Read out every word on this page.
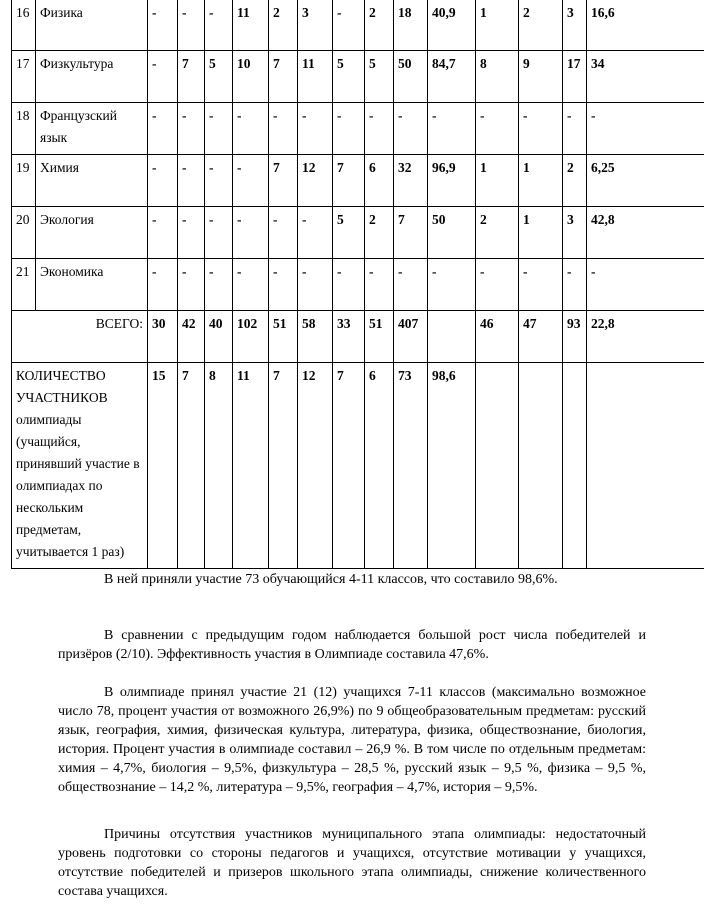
16	Физика	-	-	-	11	2	3	-	2	18	40,9	1	2	3	16,6
17	Физкультура	-	7	5	10	7	11	5	5	50	84,7	8	9	17	34
18	Французский язык	-	-	-	-	-	-	-	-	-	-	-	-	-	-
19	Химия	-	-	-	-	7	12	7	6	32	96,9	1	1	2	6,25
20	Экология	-	-	-	-	-	-	5	2	7	50	2	1	3	42,8
21	Экономика	-	-	-	-	-	-	-	-	-	-	-	-	-	-
ВСЕГО:		30	42	40	102	51	58	33	51	407		46	47	93	22,8
КОЛИЧЕСТВО УЧАСТНИКОВ олимпиады (учащийся, принявший участие в олимпиадах по нескольким предметам, учитывается 1 раз)		15	7	8	11	7	12	7	6	73	98,6				

В ней приняли участие 73 обучающийся 4-11 классов, что составило 98,6%.

В сравнении с предыдущим годом наблюдается большой рост числа победителей и призёров (2/10). Эффективность участия в Олимпиаде составила 47,6%.

В олимпиаде принял участие 21 (12) учащихся 7-11 классов (максимально возможное число 78, процент участия от возможного 26,9%) по 9 общеобразовательным предметам: русский язык, география, химия, физическая культура, литература, физика, обществознание, биология, история. Процент участия в олимпиаде составил – 26,9 %. В том числе по отдельным предметам: химия – 4,7%, биология – 9,5%, физкультура – 28,5 %, русский язык – 9,5 %, физика – 9,5 %, обществознание – 14,2 %, литература – 9,5%, география – 4,7%, история – 9,5%.

Причины отсутствия участников муниципального этапа олимпиады: недостаточный уровень подготовки со стороны педагогов и учащихся, отсутствие мотивации у учащихся, отсутствие победителей и призеров школьного этапа олимпиады, снижение количественного состава учащихся.
